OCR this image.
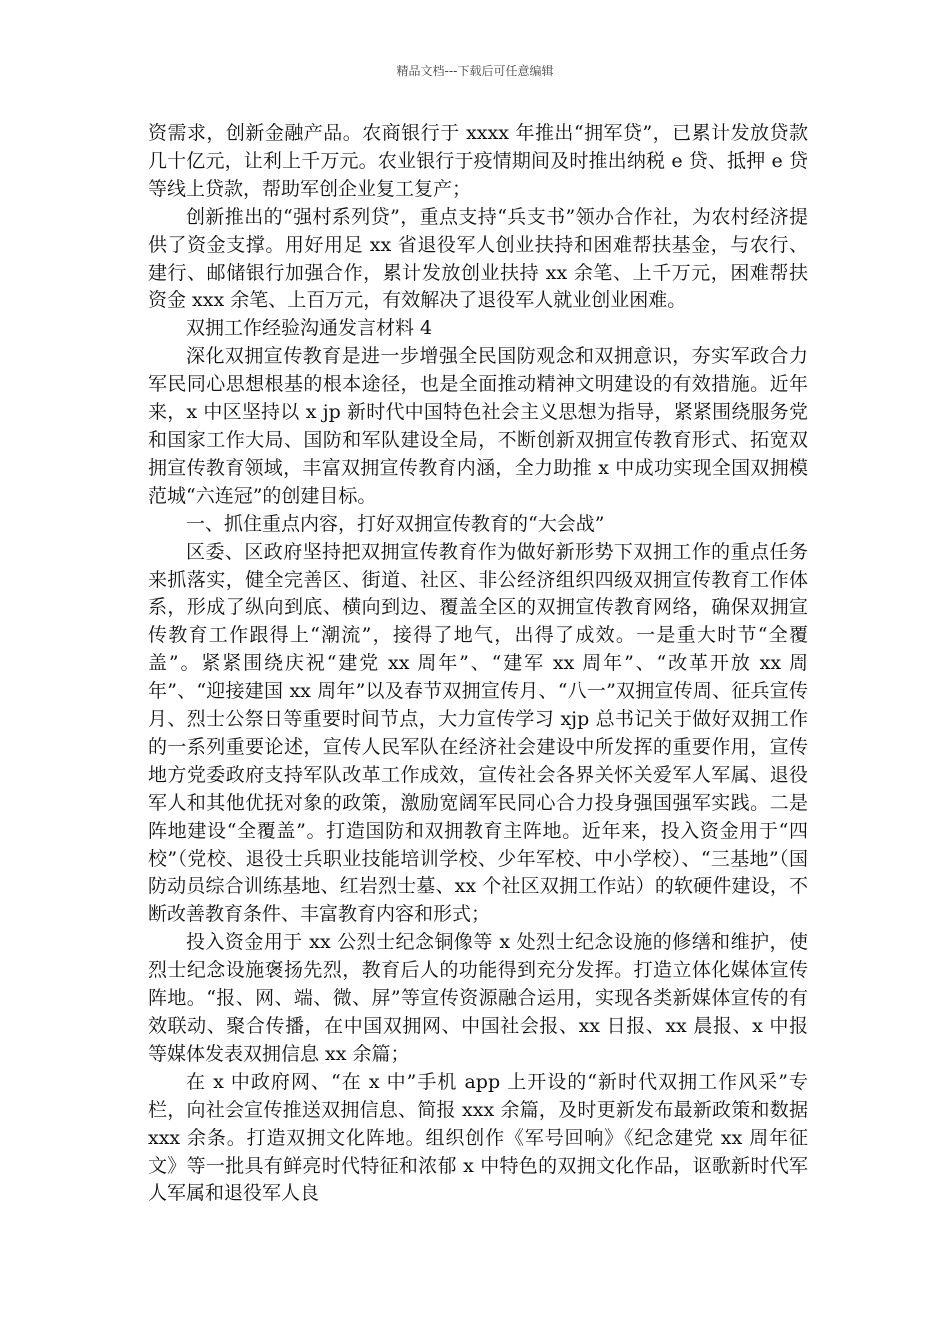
精品文档---下载后可任意编辑

资需求，创新金融产品。农商银行于 xxxx 年推出“拥军贷”，已累计发放贷款几十亿元，让利上千万元。农业银行于疫情期间及时推出纳税 e 贷、抵押 e 贷等线上贷款，帮助军创企业复工复产；

创新推出的“强村系列贷”，重点支持“兵支书”领办合作社，为农村经济提供了资金支撑。用好用足 xx 省退役军人创业扶持和困难帮扶基金，与农行、建行、邮储银行加强合作，累计发放创业扶持 xx 余笔、上千万元，困难帮扶资金 xxx 余笔、上百万元，有效解决了退役军人就业创业困难。

双拥工作经验沟通发言材料 4

深化双拥宣传教育是进一步增强全民国防观念和双拥意识，夯实军政合力军民同心思想根基的根本途径，也是全面推动精神文明建设的有效措施。近年来，x 中区坚持以 x jp 新时代中国特色社会主义思想为指导，紧紧围绕服务党和国家工作大局、国防和军队建设全局，不断创新双拥宣传教育形式、拓宽双拥宣传教育领域，丰富双拥宣传教育内涵，全力助推 x 中成功实现全国双拥模范城“六连冠”的创建目标。

一、抓住重点内容，打好双拥宣传教育的“大会战”

区委、区政府坚持把双拥宣传教育作为做好新形势下双拥工作的重点任务来抓落实，健全完善区、街道、社区、非公经济组织四级双拥宣传教育工作体系，形成了纵向到底、横向到边、覆盖全区的双拥宣传教育网络，确保双拥宣传教育工作跟得上“潮流”，接得了地气，出得了成效。一是重大时节“全覆盖”。紧紧围绕庆祝“建党 xx 周年”、“建军 xx 周年”、“改革开放 xx 周年”、“迎接建国 xx 周年”以及春节双拥宣传月、“八一”双拥宣传周、征兵宣传月、烈士公祭日等重要时间节点，大力宣传学习 xjp 总书记关于做好双拥工作的一系列重要论述，宣传人民军队在经济社会建设中所发挥的重要作用，宣传地方党委政府支持军队改革工作成效，宣传社会各界关怀关爱军人军属、退役军人和其他优抚对象的政策，激励宽阔军民同心合力投身强国强军实践。二是阵地建设“全覆盖”。打造国防和双拥教育主阵地。近年来，投入资金用于“四校”（党校、退役士兵职业技能培训学校、少年军校、中小学校）、“三基地”（国防动员综合训练基地、红岩烈士墓、xx 个社区双拥工作站）的软硬件建设，不断改善教育条件、丰富教育内容和形式；

投入资金用于 xx 公烈士纪念铜像等 x 处烈士纪念设施的修缮和维护，使烈士纪念设施褒扬先烈，教育后人的功能得到充分发挥。打造立体化媒体宣传阵地。“报、网、端、微、屏”等宣传资源融合运用，实现各类新媒体宣传的有效联动、聚合传播，在中国双拥网、中国社会报、xx 日报、xx 晨报、x 中报等媒体发表双拥信息 xx 余篇；

在 x 中政府网、“在 x 中”手机 app 上开设的“新时代双拥工作风采”专栏，向社会宣传推送双拥信息、简报 xxx 余篇，及时更新发布最新政策和数据 xxx 余条。打造双拥文化阵地。组织创作《军号回响》《纪念建党 xx 周年征文》等一批具有鲜亮时代特征和浓郁 x 中特色的双拥文化作品，讴歌新时代军人军属和退役军人良
